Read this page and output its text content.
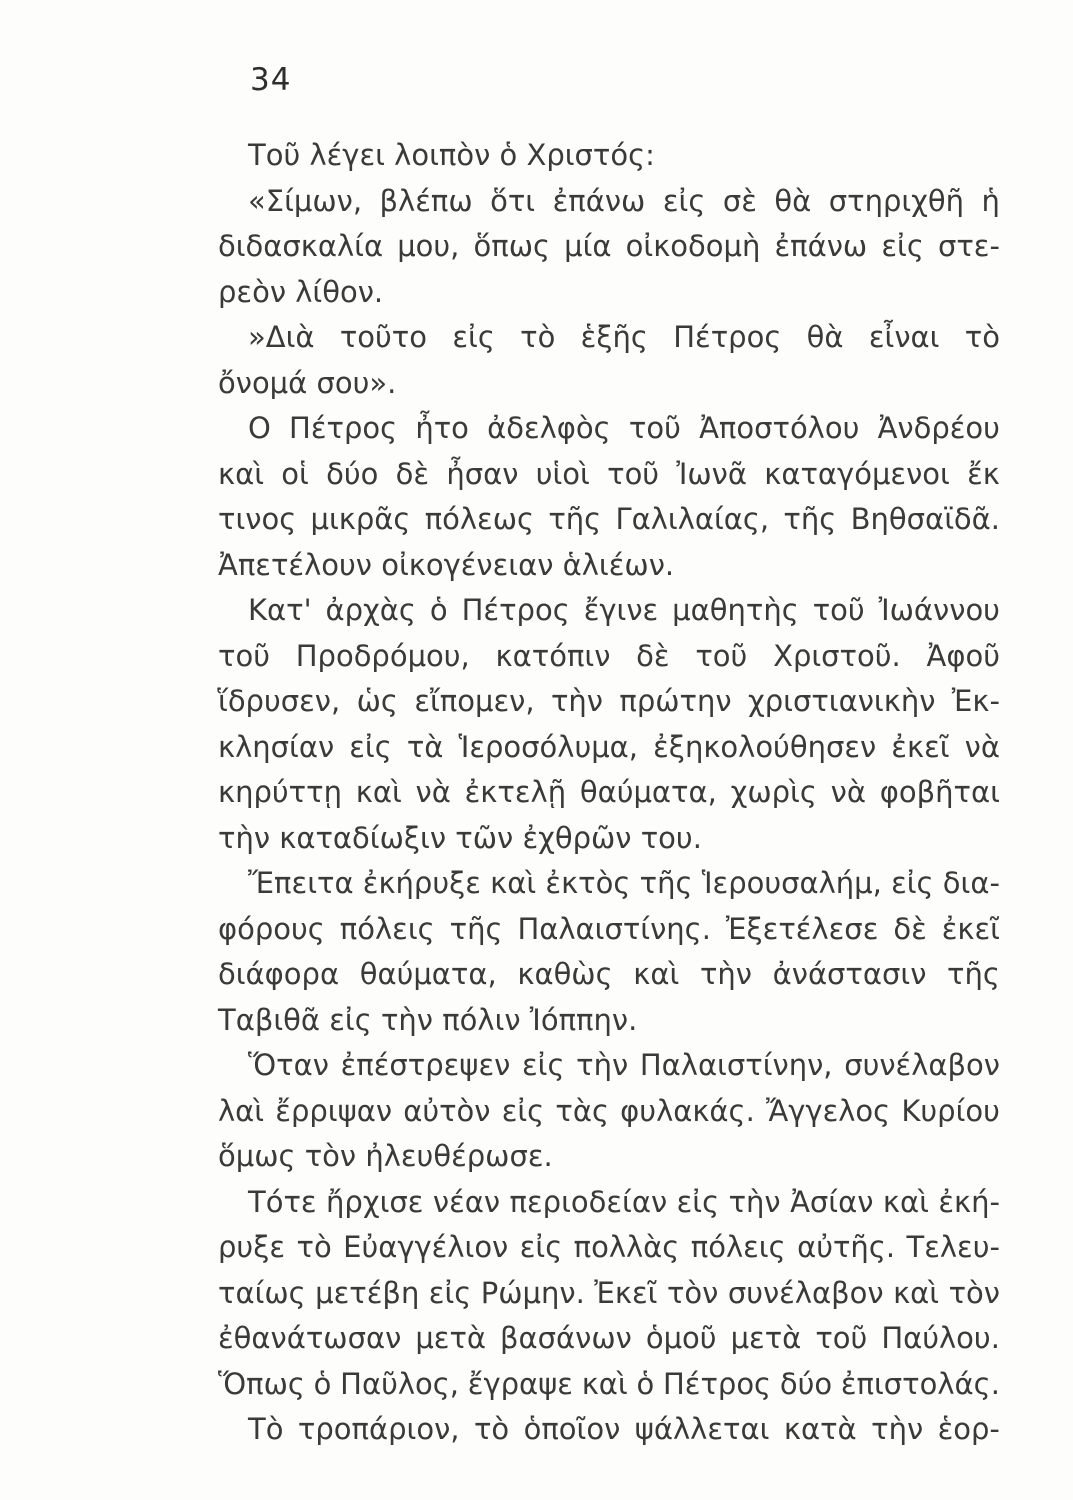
34
Τοῦ λέγει λοιπὸν ὁ Χριστός:
«Σίμων, βλέπω ὅτι ἐπάνω εἰς σὲ θὰ στηριχθῆ ἡ
διδασκαλία μου, ὅπως μία οἰκοδομὴ ἐπάνω εἰς στε-
ρεὸν λίθον.
»Διὰ τοῦτο εἰς τὸ ἑξῆς Πέτρος θὰ εἶναι τὸ
ὄνομά σου».
Ο Πέτρος ἦτο ἀδελφὸς τοῦ Ἀποστόλου Ἀνδρέου
καὶ οἱ δύο δὲ ἦσαν υἱοὶ τοῦ Ἰωνᾶ καταγόμενοι ἔκ
τινος μικρᾶς πόλεως τῆς Γαλιλαίας, τῆς Βηθσαϊδᾶ.
Ἀπετέλουν οἰκογένειαν ἁλιέων.
Κατ' ἀρχὰς ὁ Πέτρος ἔγινε μαθητὴς τοῦ Ἰωάννου
τοῦ Προδρόμου, κατόπιν δὲ τοῦ Χριστοῦ. Ἀφοῦ
ἵδρυσεν, ὡς εἴπομεν, τὴν πρώτην χριστιανικὴν Ἐκ-
κλησίαν εἰς τὰ Ἱεροσόλυμα, ἐξηκολούθησεν ἐκεῖ νὰ
κηρύττῃ καὶ νὰ ἐκτελῇ θαύματα, χωρὶς νὰ φοβῆται
τὴν καταδίωξιν τῶν ἐχθρῶν του.
Ἔπειτα ἐκήρυξε καὶ ἐκτὸς τῆς Ἱερουσαλήμ, εἰς δια-
φόρους πόλεις τῆς Παλαιστίνης. Ἐξετέλεσε δὲ ἐκεῖ
διάφορα θαύματα, καθὼς καὶ τὴν ἀνάστασιν τῆς
Ταβιθᾶ εἰς τὴν πόλιν Ἰόππην.
Ὅταν ἐπέστρεψεν εἰς τὴν Παλαιστίνην, συνέλαβον
λαὶ ἔρριψαν αὐτὸν εἰς τὰς φυλακάς. Ἄγγελος Κυρίου
ὅμως τὸν ἠλευθέρωσε.
Τότε ἤρχισε νέαν περιοδείαν εἰς τὴν Ἀσίαν καὶ ἐκή-
ρυξε τὸ Εὐαγγέλιον εἰς πολλὰς πόλεις αὐτῆς. Τελευ-
ταίως μετέβη εἰς Ρώμην. Ἐκεῖ τὸν συνέλαβον καὶ τὸν
ἐθανάτωσαν μετὰ βασάνων ὁμοῦ μετὰ τοῦ Παύλου.
Ὅπως ὁ Παῦλος, ἔγραψε καὶ ὁ Πέτρος δύο ἐπιστολάς.
Τὸ τροπάριον, τὸ ὁποῖον ψάλλεται κατὰ τὴν ἑορ-
